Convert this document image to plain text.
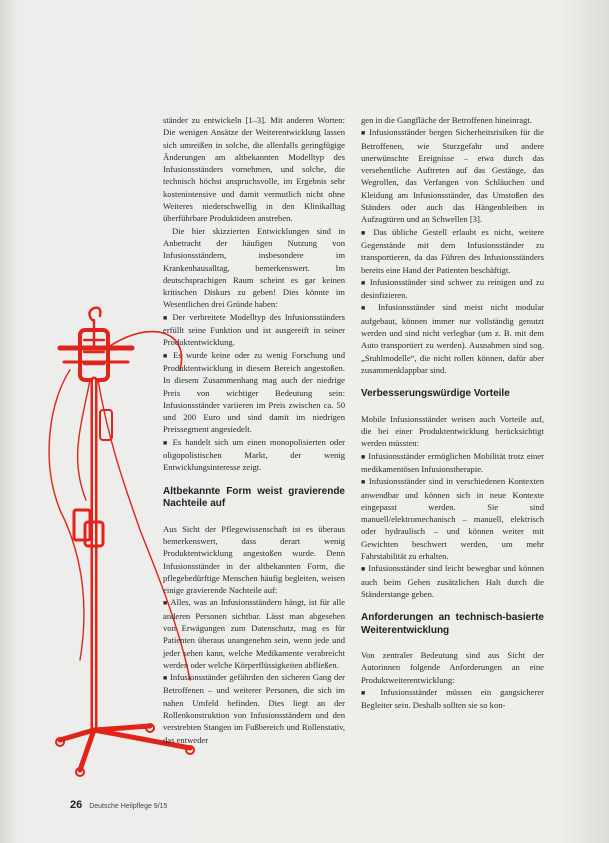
ständer zu entwickeln [1–3]. Mit anderen Worten: Die wenigen Ansätze der Weiterentwicklung lassen sich umreißen in solche, die allenfalls geringfügige Änderungen am altbekannten Modelltyp des Infusionsständers vornehmen, und solche, die technisch höchst anspruchsvolle, im Ergebnis sehr kostenintensive und damit vermutlich nicht ohne Weiteres niederschwellig in den Klinikalltag überführbare Produktideen anstreben.

Die hier skizzierten Entwicklungen sind in Anbetracht der häufigen Nutzung von Infusionsständern, insbesondere im Krankenhausalltag, bemerkenswert. Im deutschsprachigen Raum scheint es gar keinen kritischen Diskurs zu geben! Dies könnte im Wesentlichen drei Gründe haben:

■ Der verbreitete Modelltyp des Infusionsständers erfüllt seine Funktion und ist ausgereift in seiner Produktentwicklung.

■ Es wurde keine oder zu wenig Forschung und Produktentwicklung in diesem Bereich angestoßen. In diesem Zusammenhang mag auch der niedrige Preis von wichtiger Bedeutung sein: Infusionsständer variieren im Preis zwischen ca. 50 und 200 Euro und sind damit im niedrigen Preissegment angesiedelt.

■ Es handelt sich um einen monopolisierten oder oligopolistischen Markt, der wenig Entwicklungsinteresse zeigt.

Altbekannte Form weist gravierende Nachteile auf

Aus Sicht der Pflegewissenschaft ist es überaus bemerkenswert, dass derart wenig Produktentwicklung angestoßen wurde. Denn Infusionsständer in der altbekannten Form, die pflegebedürftige Menschen häufig begleiten, weisen einige gravierende Nachteile auf:

■ Alles, was an Infusionsständern hängt, ist für alle anderen Personen sichtbar. Lässt man abgesehen von Erwägungen zum Datenschutz, mag es für Patienten überaus unangenehm sein, wenn jede und jeder sehen kann, welche Medikamente verabreicht werden oder welche Körperflüssigkeiten abfließen.

■ Infusionsständer gefährden den sicheren Gang der Betroffenen – und weiterer Personen, die sich im nahen Umfeld befinden. Dies liegt an der Rollenkonstruktion von Infusionsständern und den verstrebten Stangen im Fußbereich und Rollenstativ, das entweder

gen in die Gangfläche der Betroffenen hineinragt.

■ Infusionsständer bergen Sicherheitsrisiken für die Betroffenen, wie Sturzgefahr und andere unerwünschte Ereignisse – etwa durch das versehentliche Auftreten auf das Gestänge, das Wegrollen, das Verfangen von Schläuchen und Kleidung am Infusionsständer, das Umstoßen des Ständers oder auch das Hängenbleiben in Aufzugtüren und an Schwellen [3].

■ Das übliche Gestell erlaubt es nicht, weitere Gegenstände mit dem Infusionsständer zu transportieren, da das Führen des Infusionsständers bereits eine Hand der Patienten beschäftigt.

■ Infusionsständer sind schwer zu reinigen und zu desinfizieren.

■ Infusionsständer sind meist nicht modular aufgebaut, können immer nur vollständig genutzt werden und sind nicht verlegbar (um z. B. mit dem Auto transportiert zu werden). Ausnahmen sind sog. „Stuhlmodelle“, die nicht rollen können, dafür aber zusammenklappbar sind.

Verbesserungswürdige Vorteile

Mobile Infusionsständer weisen auch Vorteile auf, die bei einer Produktentwicklung berücksichtigt werden müssten:

■ Infusionsständer ermöglichen Mobilität trotz einer medikamentösen Infusionstherapie.

■ Infusionsständer sind in verschiedenen Kontexten anwendbar und können sich in neue Kontexte eingepasst werden. Sie sind manuell/elektromechanisch – manuell, elektrisch oder hydraulisch – und können weiter mit Gewichten beschwert werden, um mehr Fahrstabilität zu erhalten.

■ Infusionsständer sind leicht bewegbar und können auch beim Gehen zusätzlichen Halt durch die Ständerstange geben.

Anforderungen an technisch-basierte Weiterentwicklung

Von zentraler Bedeutung sind aus Sicht der Autorinnen folgende Anforderungen an eine Produktweiterentwicklung:

■ Infusionsständer müssen ein gangsicherer Begleiter sein. Deshalb sollten sie so kon-

26 Deutsche Heilpflege 9/15
